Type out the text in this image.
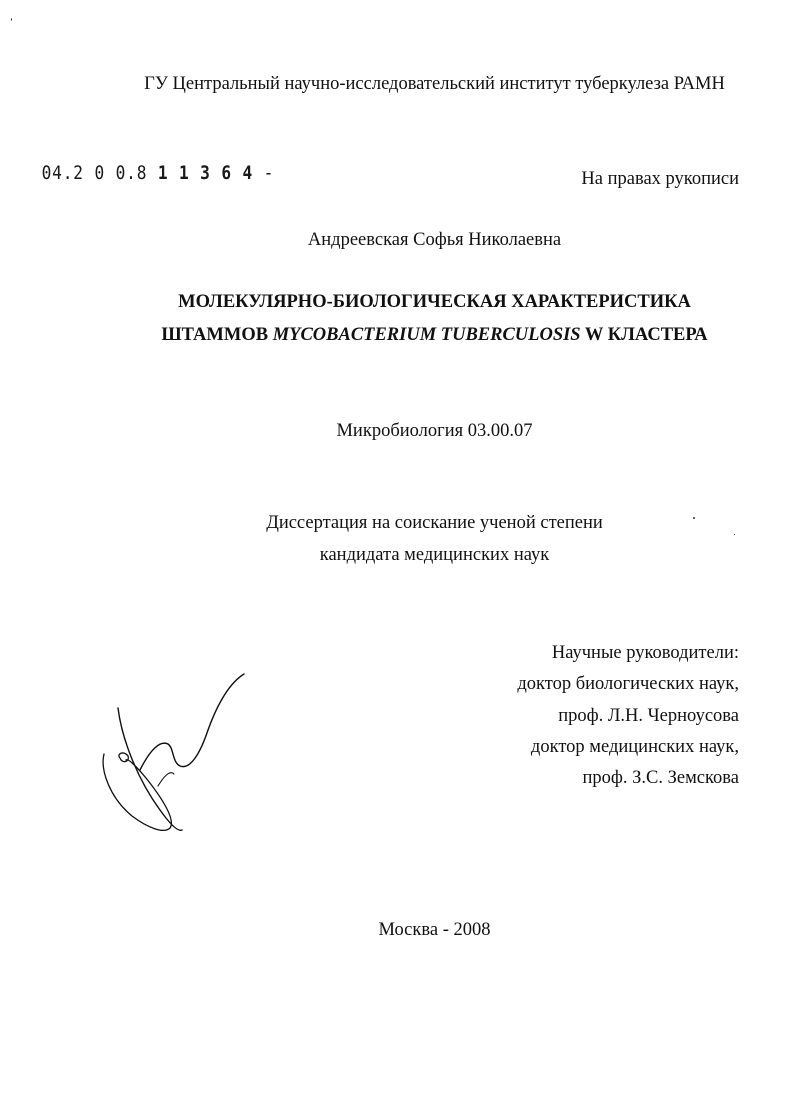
ГУ Центральный научно-исследовательский институт туберкулеза РАМН
04.2 0 0.8 1 1 3 6 4 -	На правах рукописи
Андреевская Софья Николаевна
МОЛЕКУЛЯРНО-БИОЛОГИЧЕСКАЯ ХАРАКТЕРИСТИКА
ШТАММОВ MYCOBACTERIUM TUBERCULOSIS W КЛАСТЕРА
Микробиология 03.00.07
Диссертация на соискание ученой степени
кандидата медицинских наук
Научные руководители:
доктор биологических наук,
проф. Л.Н. Черноусова
доктор медицинских наук,
проф. З.С. Земскова
Москва - 2008
